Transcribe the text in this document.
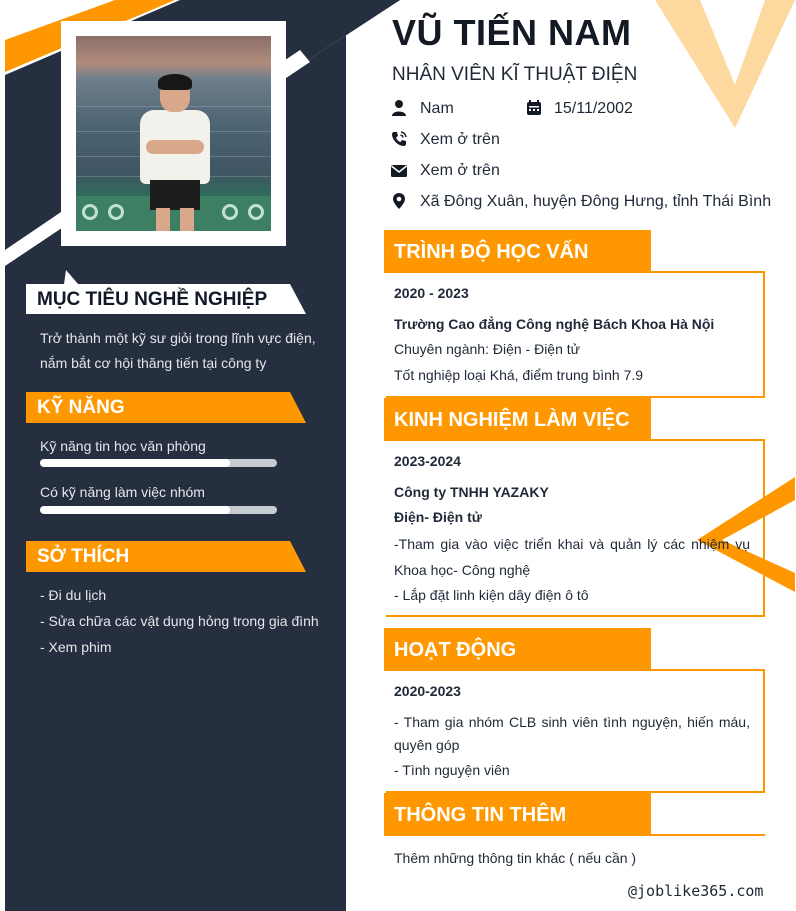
MỤC TIÊU NGHỀ NGHIỆP
Trở thành một kỹ sư giỏi trong lĩnh vực điện,
nắm bắt cơ hội thăng tiến tại công ty
KỸ NĂNG
Kỹ năng tin học văn phòng
Có kỹ năng làm việc nhóm
SỞ THÍCH
- Đi du lịch
- Sửa chữa các vật dụng hỏng trong gia đình
- Xem phim
VŨ TIẾN NAM
NHÂN VIÊN KĨ THUẬT ĐIỆN
Nam	15/11/2002
Xem ở trên
Xem ở trên
Xã Đông Xuân, huyện Đông Hưng, tỉnh Thái Bình
TRÌNH ĐỘ HỌC VẤN
2020 - 2023
Trường Cao đẳng Công nghệ Bách Khoa Hà Nội
Chuyên ngành: Điện - Điện tử
Tốt nghiệp loại Khá, điểm trung bình 7.9
KINH NGHIỆM LÀM VIỆC
2023-2024
Công ty TNHH YAZAKY
Điện- Điện tử
-Tham gia vào việc triển khai và quản lý các nhiệm vụ Khoa học- Công nghệ
- Lắp đặt linh kiện dây điện ô tô
HOẠT ĐỘNG
2020-2023
- Tham gia nhóm CLB sinh viên tình nguyện, hiến máu, quyên góp
- Tình nguyện viên
THÔNG TIN THÊM
Thêm những thông tin khác ( nếu cần )
@joblike365.com
